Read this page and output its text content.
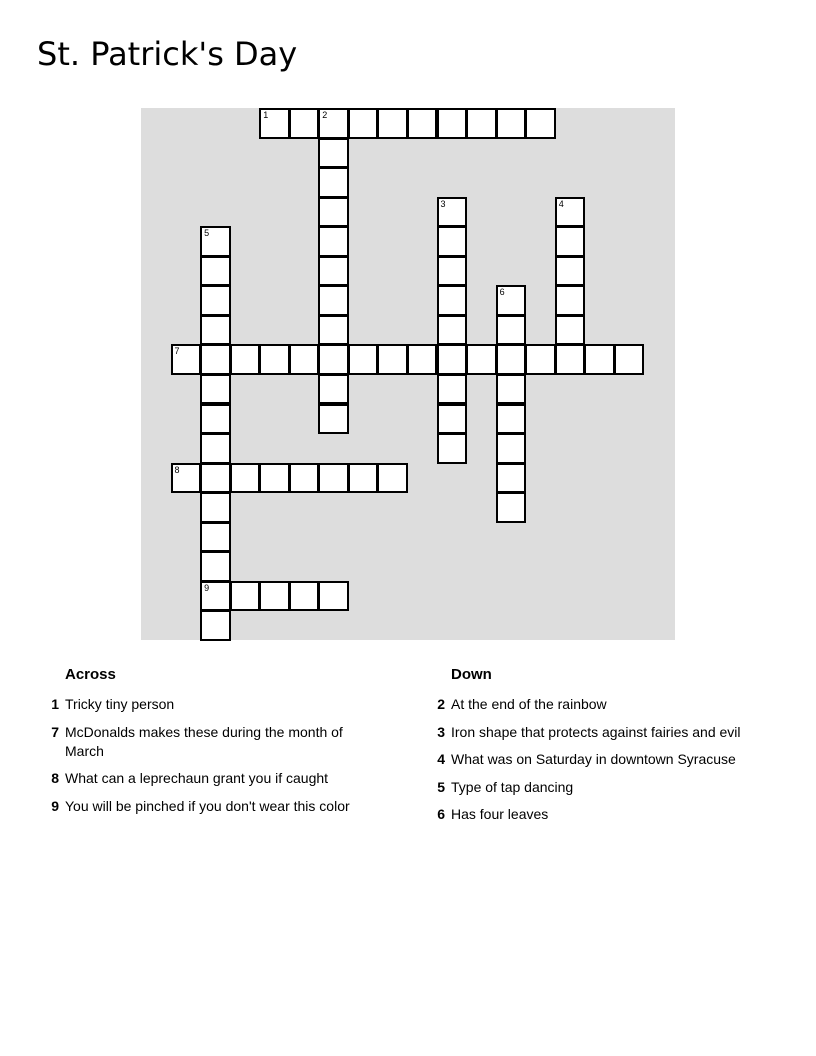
St. Patrick's Day
1	2
3	4
5
6
7
8
9
Across
1 Tricky tiny person
7 McDonalds makes these during the month of March
8 What can a leprechaun grant you if caught
9 You will be pinched if you don't wear this color
Down
2 At the end of the rainbow
3 Iron shape that protects against fairies and evil
4 What was on Saturday in downtown Syracuse
5 Type of tap dancing
6 Has four leaves
